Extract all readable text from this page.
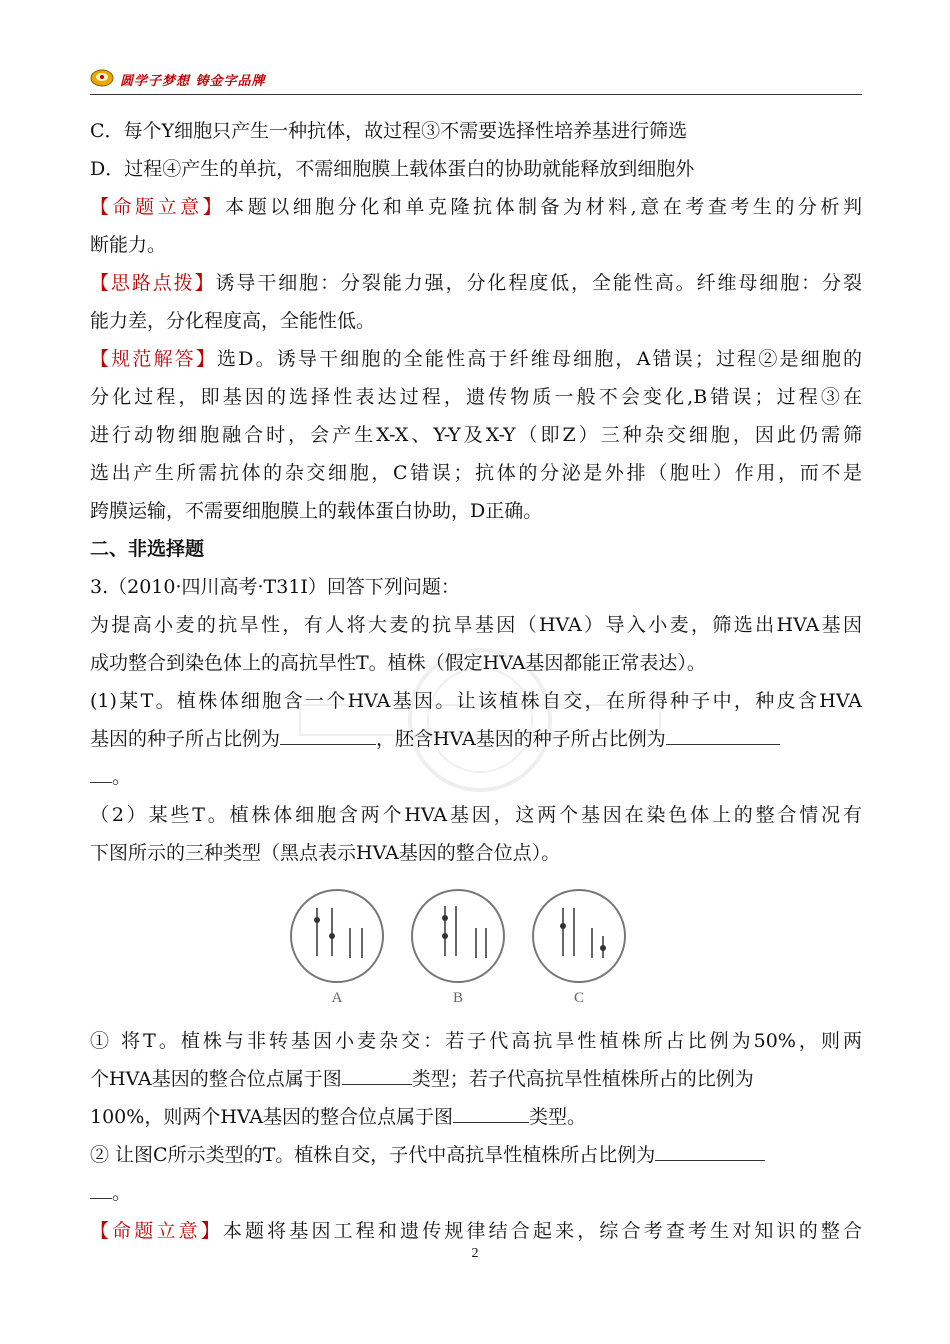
圆学子梦想 铸金字品牌
C．每个Y细胞只产生一种抗体，故过程③不需要选择性培养基进行筛选
D．过程④产生的单抗，不需细胞膜上载体蛋白的协助就能释放到细胞外
【命题立意】本题以细胞分化和单克隆抗体制备为材料,意在考查考生的分析判
断能力。
【思路点拨】诱导干细胞：分裂能力强，分化程度低，全能性高。纤维母细胞：分裂
能力差，分化程度高，全能性低。
【规范解答】选D。诱导干细胞的全能性高于纤维母细胞，A错误；过程②是细胞的
分化过程，即基因的选择性表达过程，遗传物质一般不会变化,B错误；过程③在
进行动物细胞融合时，会产生X-X、Y-Y及X-Y（即Z）三种杂交细胞，因此仍需筛
选出产生所需抗体的杂交细胞，C错误；抗体的分泌是外排（胞吐）作用，而不是
跨膜运输，不需要细胞膜上的载体蛋白协助，D正确。
二、非选择题
3.（2010·四川高考·T31Ⅰ）回答下列问题：
为提高小麦的抗旱性，有人将大麦的抗旱基因（HVA）导入小麦，筛选出HVA基因
成功整合到染色体上的高抗旱性T。植株（假定HVA基因都能正常表达）。
(1)某T。植株体细胞含一个HVA基因。让该植株自交，在所得种子中，种皮含HVA
基因的种子所占比例为	，胚含HVA基因的种子所占比例为
。
（2）某些T。植株体细胞含两个HVA基因，这两个基因在染色体上的整合情况有
下图所示的三种类型（黑点表示HVA基因的整合位点）。
A	B	C
① 将T。植株与非转基因小麦杂交：若子代高抗旱性植株所占比例为50%，则两
个HVA基因的整合位点属于图	类型；若子代高抗旱性植株所占的比例为
100%，则两个HVA基因的整合位点属于图	类型。
② 让图C所示类型的T。植株自交，子代中高抗旱性植株所占比例为
。
【命题立意】本题将基因工程和遗传规律结合起来，综合考查考生对知识的整合
2
